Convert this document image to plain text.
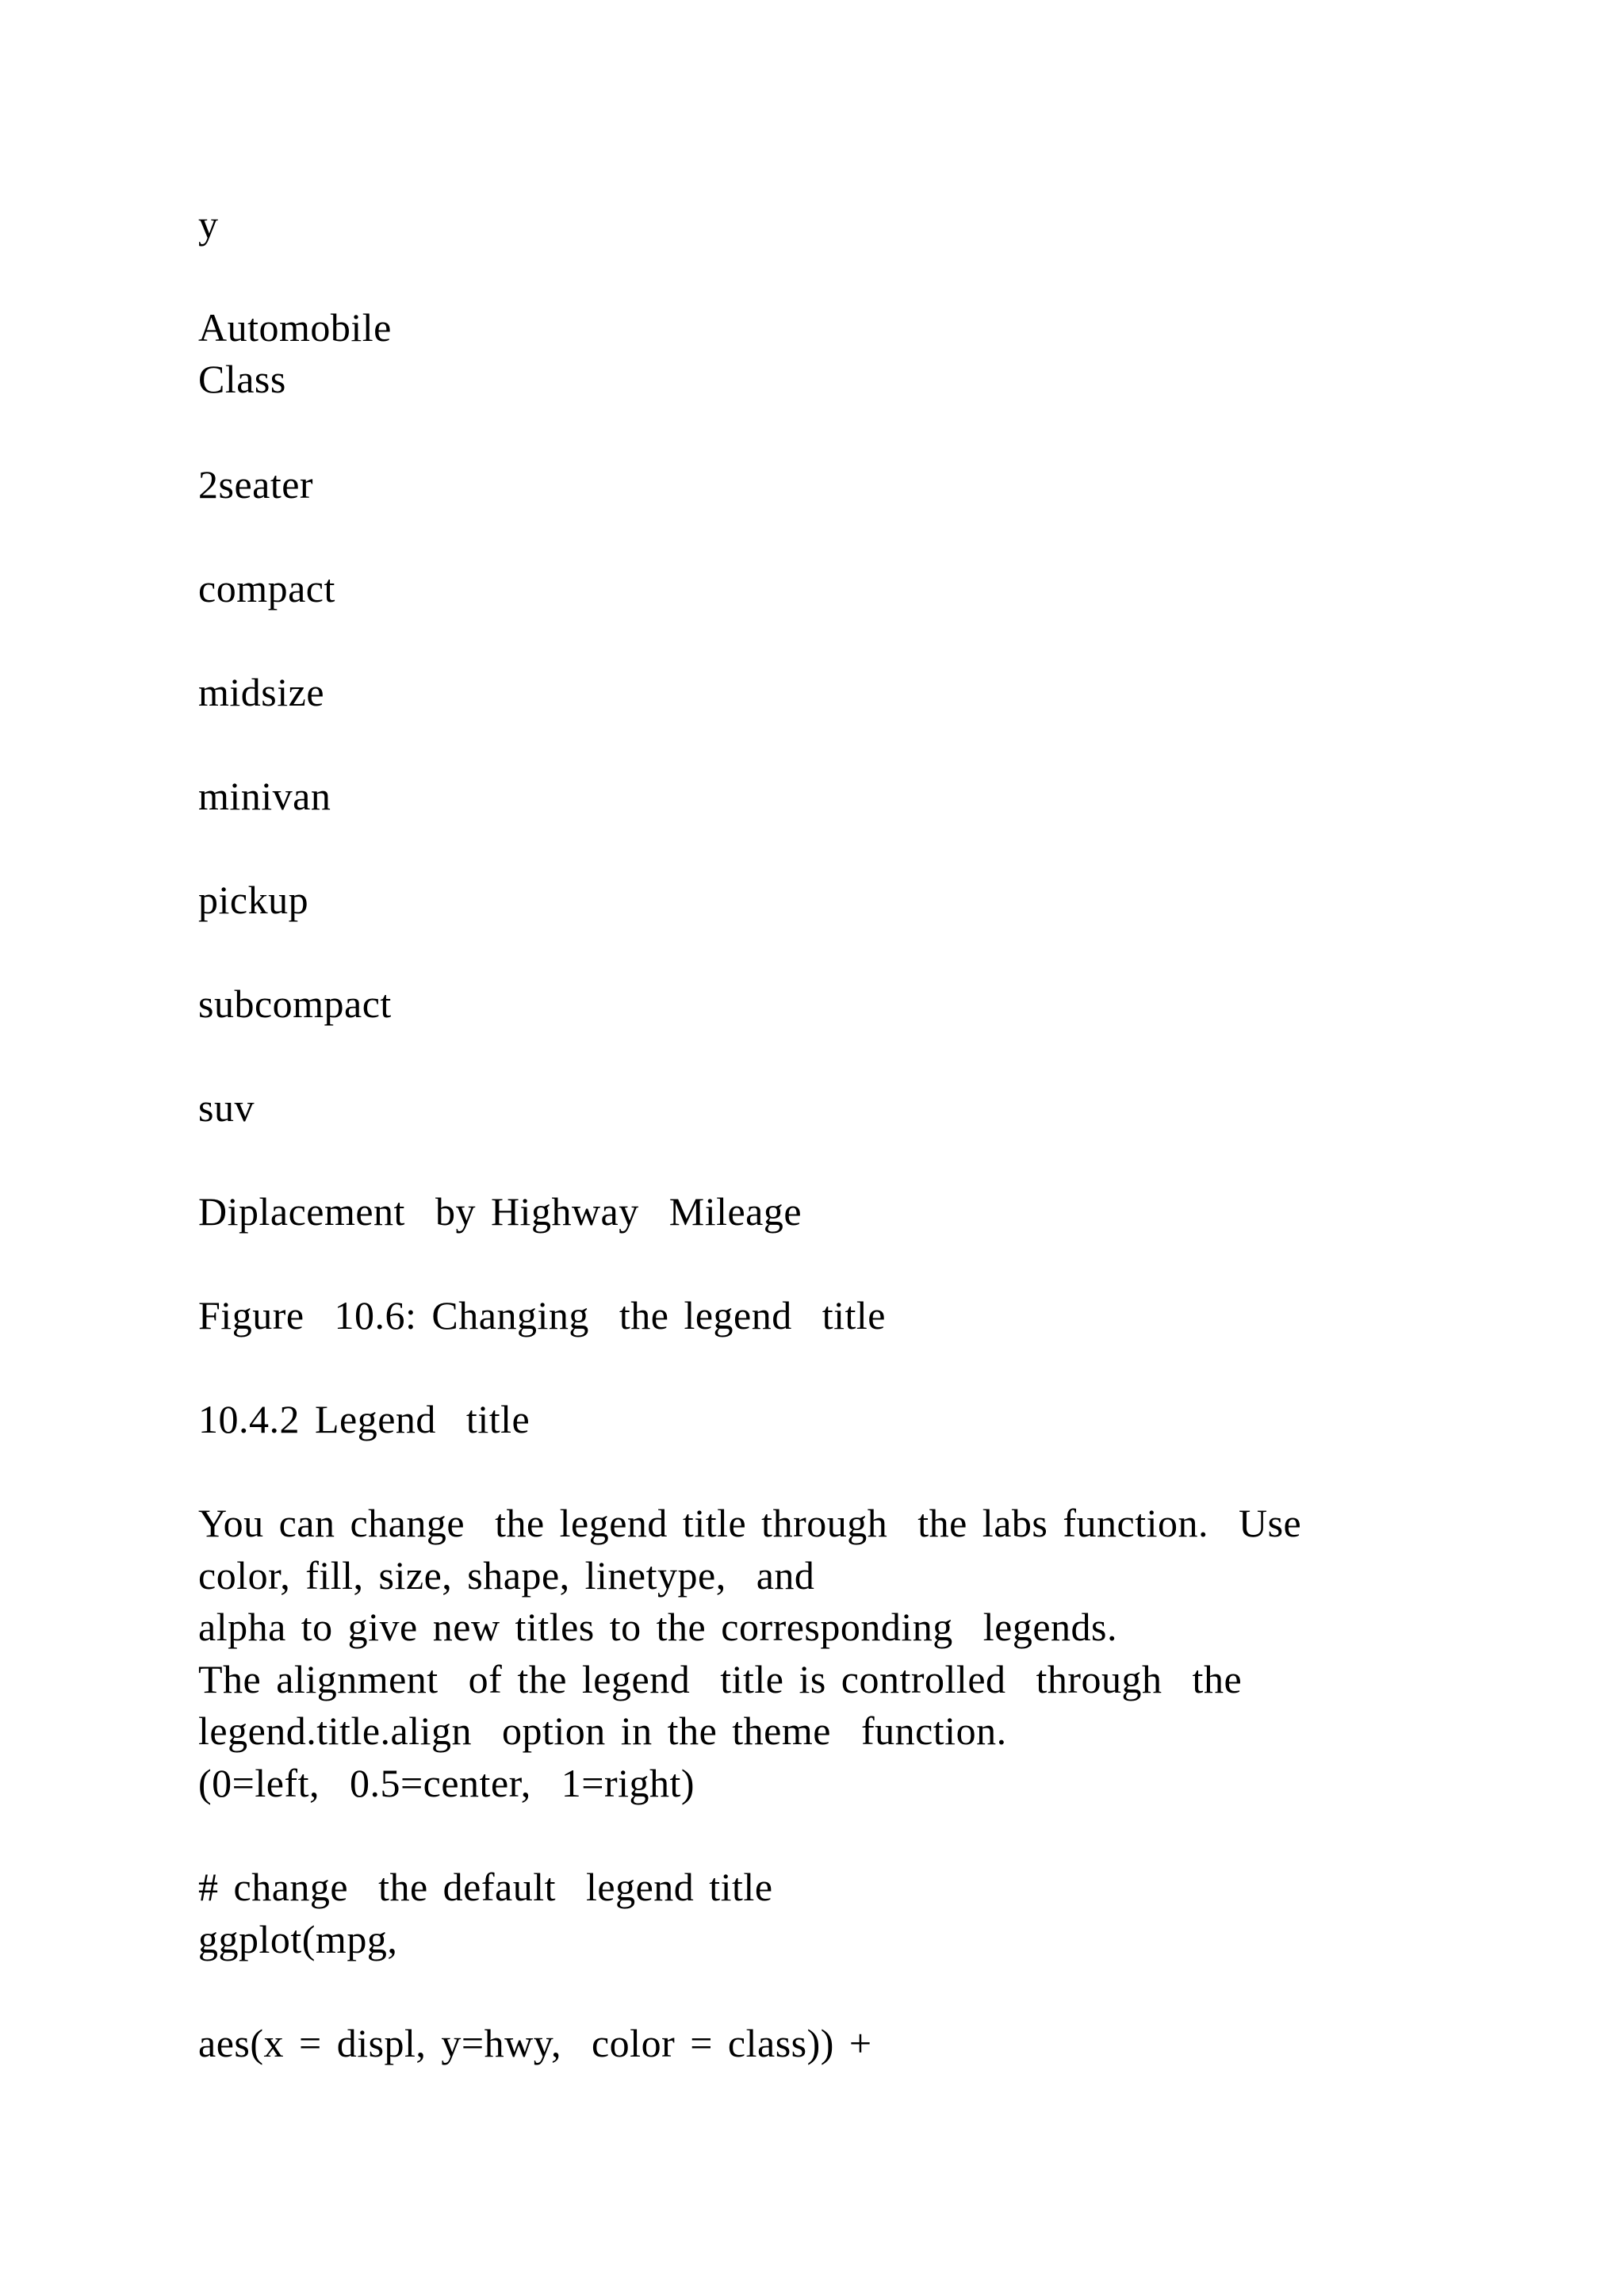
y
Automobile
Class
2seater
compact
midsize
minivan
pickup
subcompact
suv
Diplacement  by Highway  Mileage
Figure  10.6: Changing  the legend  title
10.4.2 Legend  title
You can change  the legend title through  the labs function.  Use
color, fill, size, shape, linetype,  and
alpha to give new titles to the corresponding  legends.
The alignment  of the legend  title is controlled  through  the
legend.title.align  option in the theme  function.
(0=left,  0.5=center,  1=right)
# change  the default  legend title
ggplot(mpg,
aes(x = displ, y=hwy,  color = class)) +
